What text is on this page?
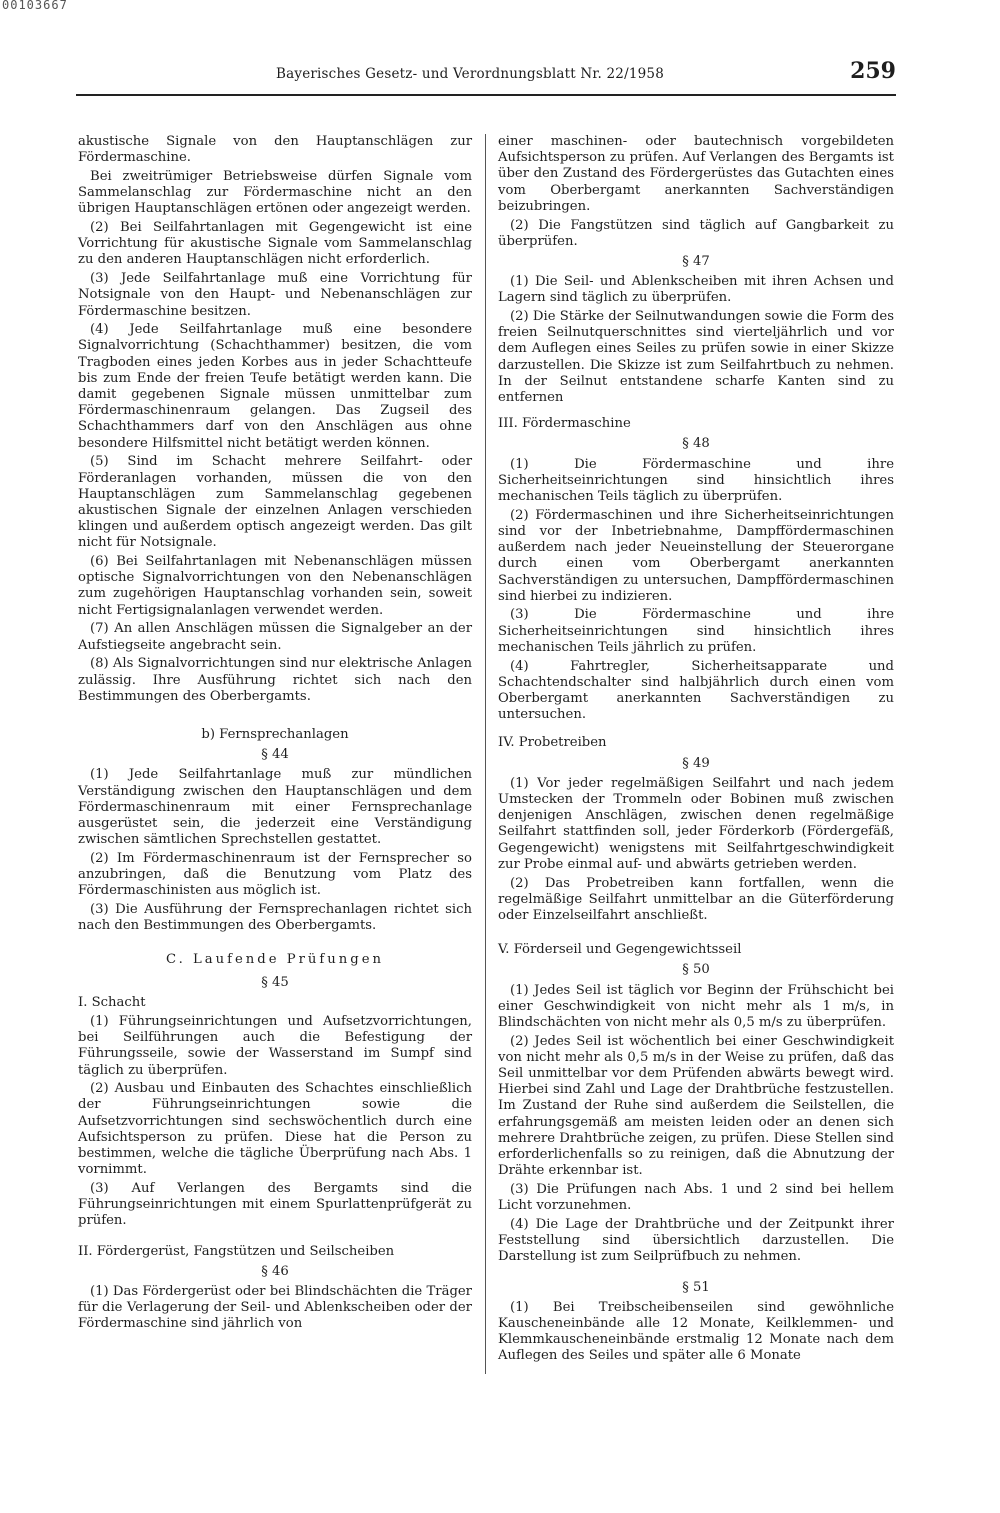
00103667
Bayerisches Gesetz- und Verordnungsblatt Nr. 22/1958	259

akustische Signale von den Hauptanschlägen zur Fördermaschine.

Bei zweitrümiger Betriebsweise dürfen Signale vom Sammelanschlag zur Fördermaschine nicht an den übrigen Hauptanschlägen ertönen oder angezeigt werden.

(2) Bei Seilfahrtanlagen mit Gegengewicht ist eine Vorrichtung für akustische Signale vom Sammelanschlag zu den anderen Hauptanschlägen nicht erforderlich.

(3) Jede Seilfahrtanlage muß eine Vorrichtung für Notsignale von den Haupt- und Nebenanschlägen zur Fördermaschine besitzen.

(4) Jede Seilfahrtanlage muß eine besondere Signalvorrichtung (Schachthammer) besitzen, die vom Tragboden eines jeden Korbes aus in jeder Schachtteufe bis zum Ende der freien Teufe betätigt werden kann. Die damit gegebenen Signale müssen unmittelbar zum Fördermaschinenraum gelangen. Das Zugseil des Schachthammers darf von den Anschlägen aus ohne besondere Hilfsmittel nicht betätigt werden können.

(5) Sind im Schacht mehrere Seilfahrt- oder Förderanlagen vorhanden, müssen die von den Hauptanschlägen zum Sammelanschlag gegebenen akustischen Signale der einzelnen Anlagen verschieden klingen und außerdem optisch angezeigt werden. Das gilt nicht für Notsignale.

(6) Bei Seilfahrtanlagen mit Nebenanschlägen müssen optische Signalvorrichtungen von den Nebenanschlägen zum zugehörigen Hauptanschlag vorhanden sein, soweit nicht Fertigsignalanlagen verwendet werden.

(7) An allen Anschlägen müssen die Signalgeber an der Aufstiegseite angebracht sein.

(8) Als Signalvorrichtungen sind nur elektrische Anlagen zulässig. Ihre Ausführung richtet sich nach den Bestimmungen des Oberbergamts.

b) Fernsprechanlagen
§ 44

(1) Jede Seilfahrtanlage muß zur mündlichen Verständigung zwischen den Hauptanschlägen und dem Fördermaschinenraum mit einer Fernsprechanlage ausgerüstet sein, die jederzeit eine Verständigung zwischen sämtlichen Sprechstellen gestattet.

(2) Im Fördermaschinenraum ist der Fernsprecher so anzubringen, daß die Benutzung vom Platz des Fördermaschinisten aus möglich ist.

(3) Die Ausführung der Fernsprechanlagen richtet sich nach den Bestimmungen des Oberbergamts.

C. Laufende Prüfungen
§ 45
I. Schacht

(1) Führungseinrichtungen und Aufsetzvorrichtungen, bei Seilführungen auch die Befestigung der Führungsseile, sowie der Wasserstand im Sumpf sind täglich zu überprüfen.

(2) Ausbau und Einbauten des Schachtes einschließlich der Führungseinrichtungen sowie die Aufsetzvorrichtungen sind sechswöchentlich durch eine Aufsichtsperson zu prüfen. Diese hat die Person zu bestimmen, welche die tägliche Überprüfung nach Abs. 1 vornimmt.

(3) Auf Verlangen des Bergamts sind die Führungseinrichtungen mit einem Spurlattenprüfgerät zu prüfen.

II. Fördergerüst, Fangstützen und Seilscheiben
§ 46

(1) Das Fördergerüst oder bei Blindschächten die Träger für die Verlagerung der Seil- und Ablenkscheiben oder der Fördermaschine sind jährlich von

einer maschinen- oder bautechnisch vorgebildeten Aufsichtsperson zu prüfen. Auf Verlangen des Bergamts ist über den Zustand des Fördergerüstes das Gutachten eines vom Oberbergamt anerkannten Sachverständigen beizubringen.

(2) Die Fangstützen sind täglich auf Gangbarkeit zu überprüfen.

§ 47

(1) Die Seil- und Ablenkscheiben mit ihren Achsen und Lagern sind täglich zu überprüfen.

(2) Die Stärke der Seilnutwandungen sowie die Form des freien Seilnutquerschnittes sind vierteljährlich und vor dem Auflegen eines Seiles zu prüfen sowie in einer Skizze darzustellen. Die Skizze ist zum Seilfahrtbuch zu nehmen. In der Seilnut entstandene scharfe Kanten sind zu entfernen

III. Fördermaschine
§ 48

(1) Die Fördermaschine und ihre Sicherheitseinrichtungen sind hinsichtlich ihres mechanischen Teils täglich zu überprüfen.

(2) Fördermaschinen und ihre Sicherheitseinrichtungen sind vor der Inbetriebnahme, Dampffördermaschinen außerdem nach jeder Neueinstellung der Steuerorgane durch einen vom Oberbergamt anerkannten Sachverständigen zu untersuchen, Dampffördermaschinen sind hierbei zu indizieren.

(3) Die Fördermaschine und ihre Sicherheitseinrichtungen sind hinsichtlich ihres mechanischen Teils jährlich zu prüfen.

(4) Fahrtregler, Sicherheitsapparate und Schachtendschalter sind halbjährlich durch einen vom Oberbergamt anerkannten Sachverständigen zu untersuchen.

IV. Probetreiben
§ 49

(1) Vor jeder regelmäßigen Seilfahrt und nach jedem Umstecken der Trommeln oder Bobinen muß zwischen denjenigen Anschlägen, zwischen denen regelmäßige Seilfahrt stattfinden soll, jeder Förderkorb (Fördergefäß, Gegengewicht) wenigstens mit Seilfahrtgeschwindigkeit zur Probe einmal auf- und abwärts getrieben werden.

(2) Das Probetreiben kann fortfallen, wenn die regelmäßige Seilfahrt unmittelbar an die Güterförderung oder Einzelseilfahrt anschließt.

V. Förderseil und Gegengewichtsseil
§ 50

(1) Jedes Seil ist täglich vor Beginn der Frühschicht bei einer Geschwindigkeit von nicht mehr als 1 m/s, in Blindschächten von nicht mehr als 0,5 m/s zu überprüfen.

(2) Jedes Seil ist wöchentlich bei einer Geschwindigkeit von nicht mehr als 0,5 m/s in der Weise zu prüfen, daß das Seil unmittelbar vor dem Prüfenden abwärts bewegt wird. Hierbei sind Zahl und Lage der Drahtbrüche festzustellen. Im Zustand der Ruhe sind außerdem die Seilstellen, die erfahrungsgemäß am meisten leiden oder an denen sich mehrere Drahtbrüche zeigen, zu prüfen. Diese Stellen sind erforderlichenfalls so zu reinigen, daß die Abnutzung der Drähte erkennbar ist.

(3) Die Prüfungen nach Abs. 1 und 2 sind bei hellem Licht vorzunehmen.

(4) Die Lage der Drahtbrüche und der Zeitpunkt ihrer Feststellung sind übersichtlich darzustellen. Die Darstellung ist zum Seilprüfbuch zu nehmen.

§ 51

(1) Bei Treibscheibenseilen sind gewöhnliche Kauscheneinbände alle 12 Monate, Keilklemmen- und Klemmkauscheneinbände erstmalig 12 Monate nach dem Auflegen des Seiles und später alle 6 Monate
